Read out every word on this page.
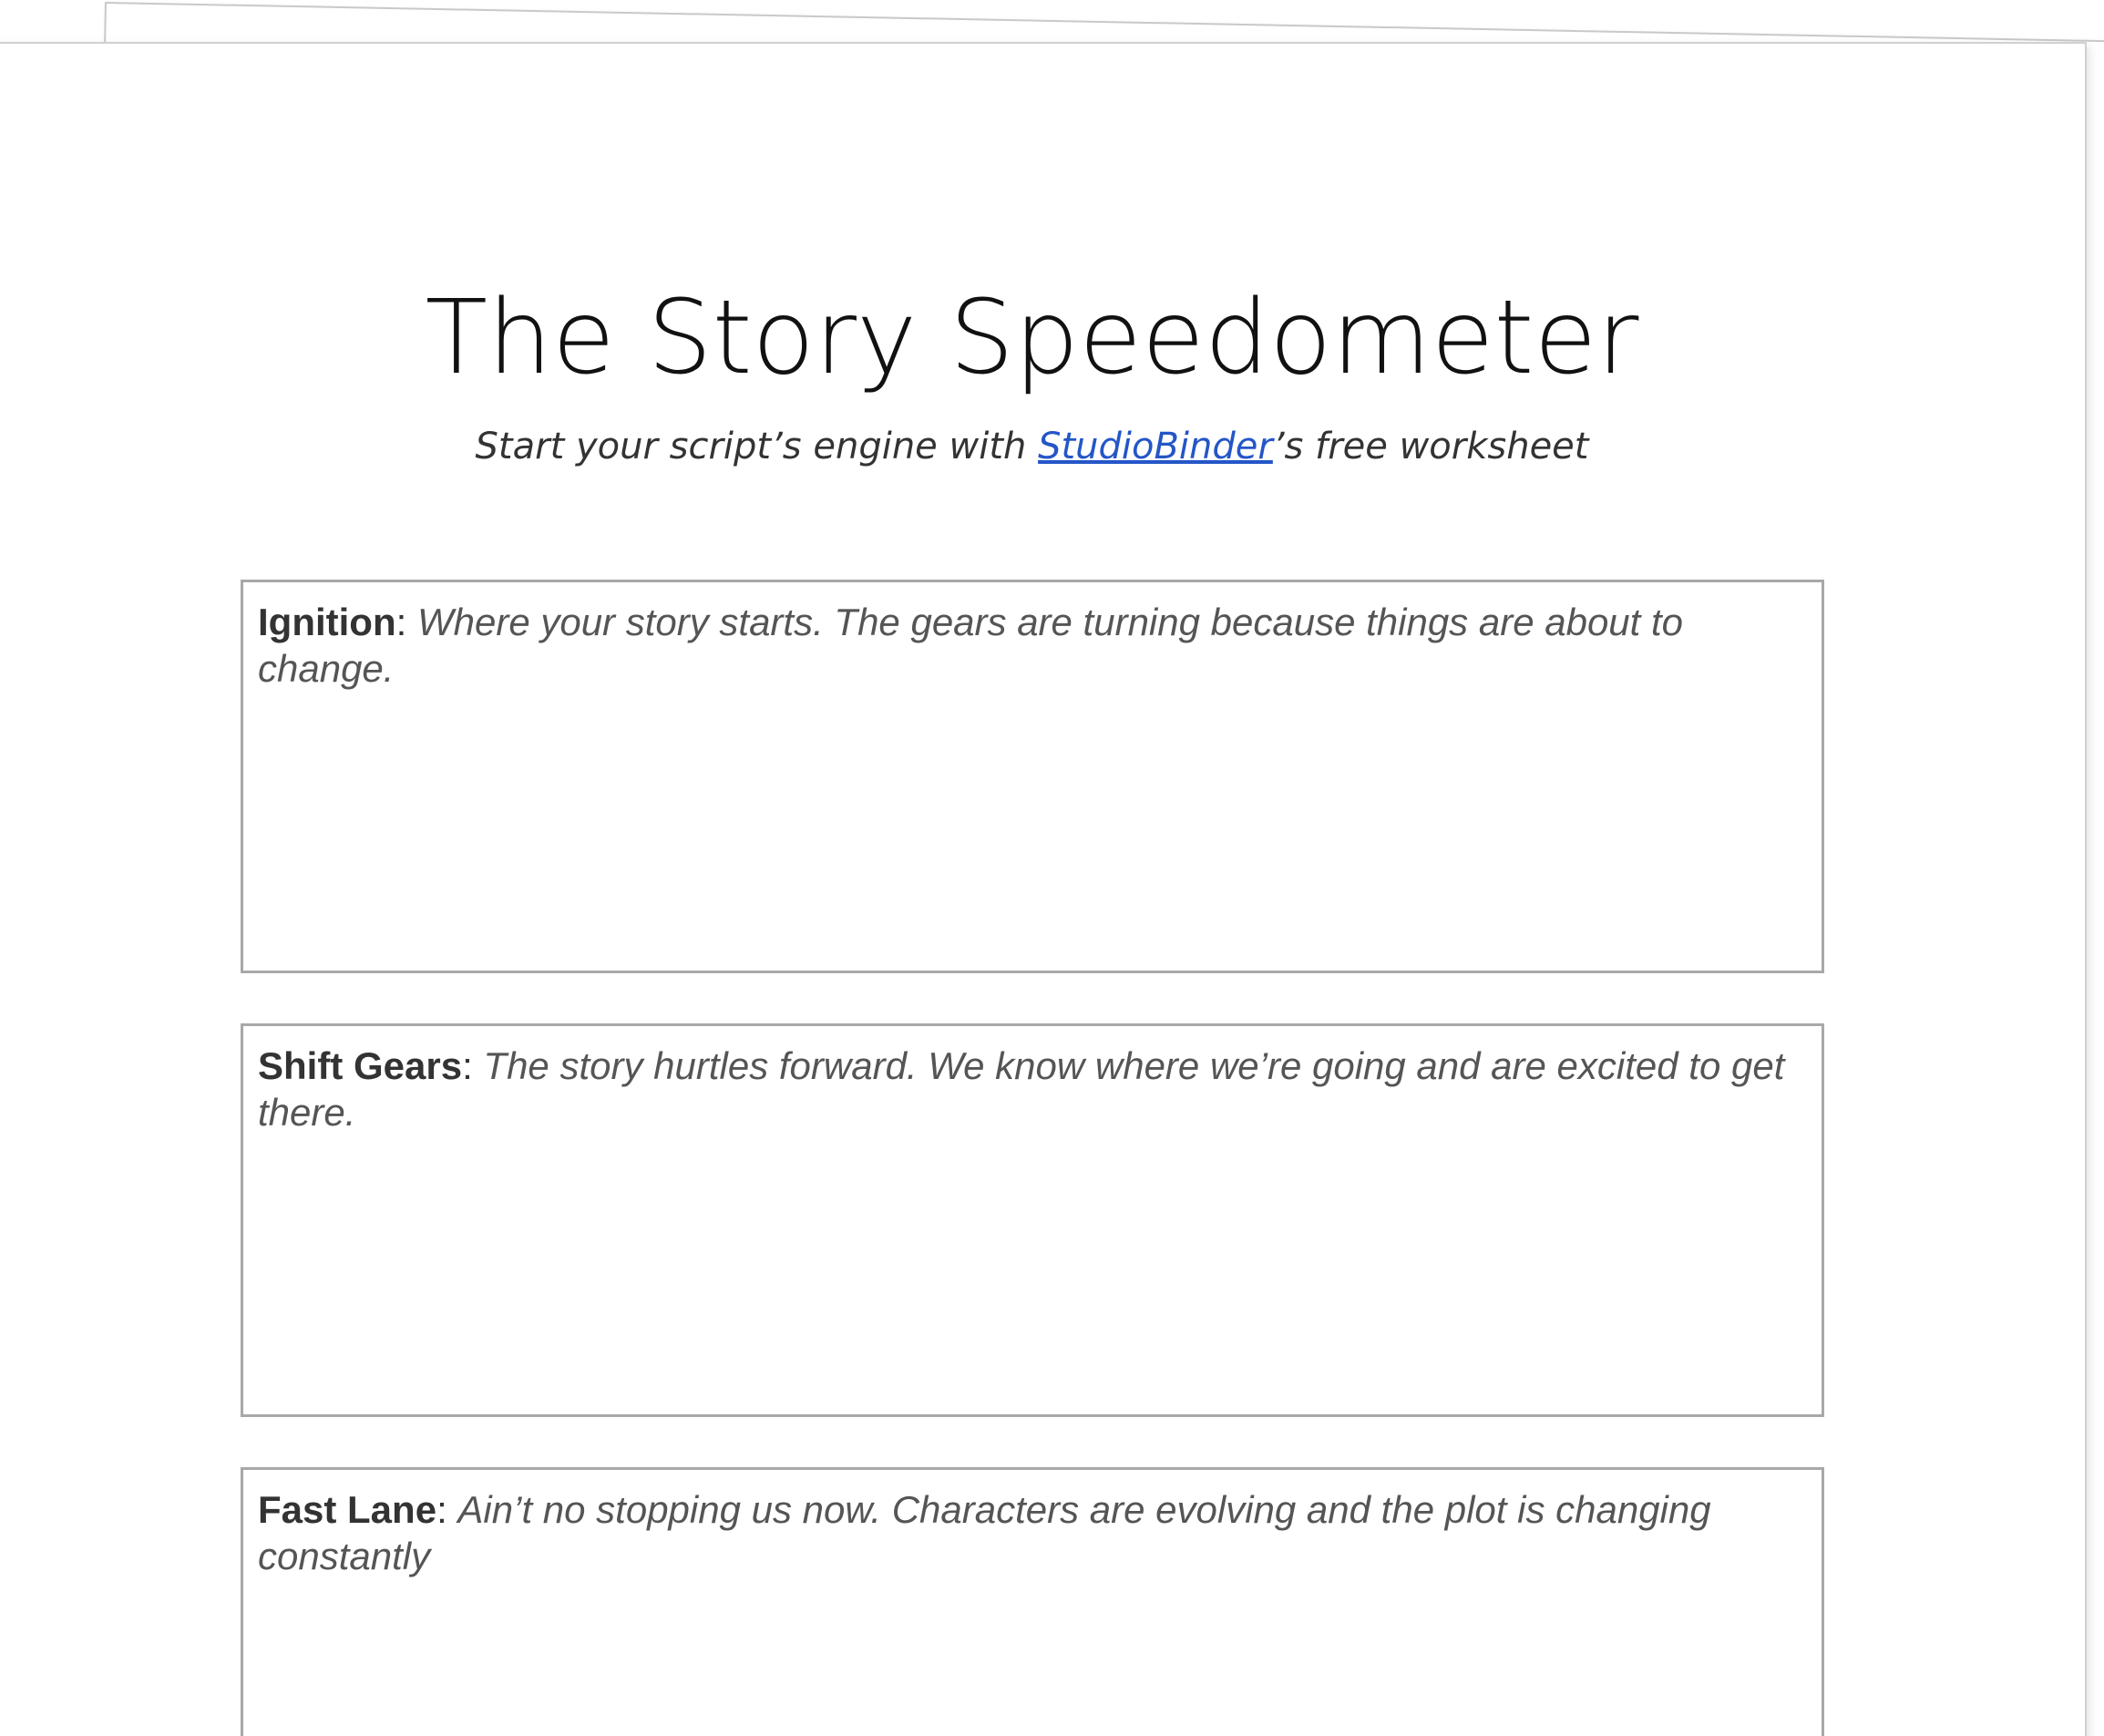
The Story Speedometer
Start your script’s engine with StudioBinder’s free worksheet
Ignition: Where your story starts. The gears are turning because things are about to change.
Shift Gears: The story hurtles forward. We know where we’re going and are excited to get there.
Fast Lane: Ain’t no stopping us now. Characters are evolving and the plot is changing constantly
